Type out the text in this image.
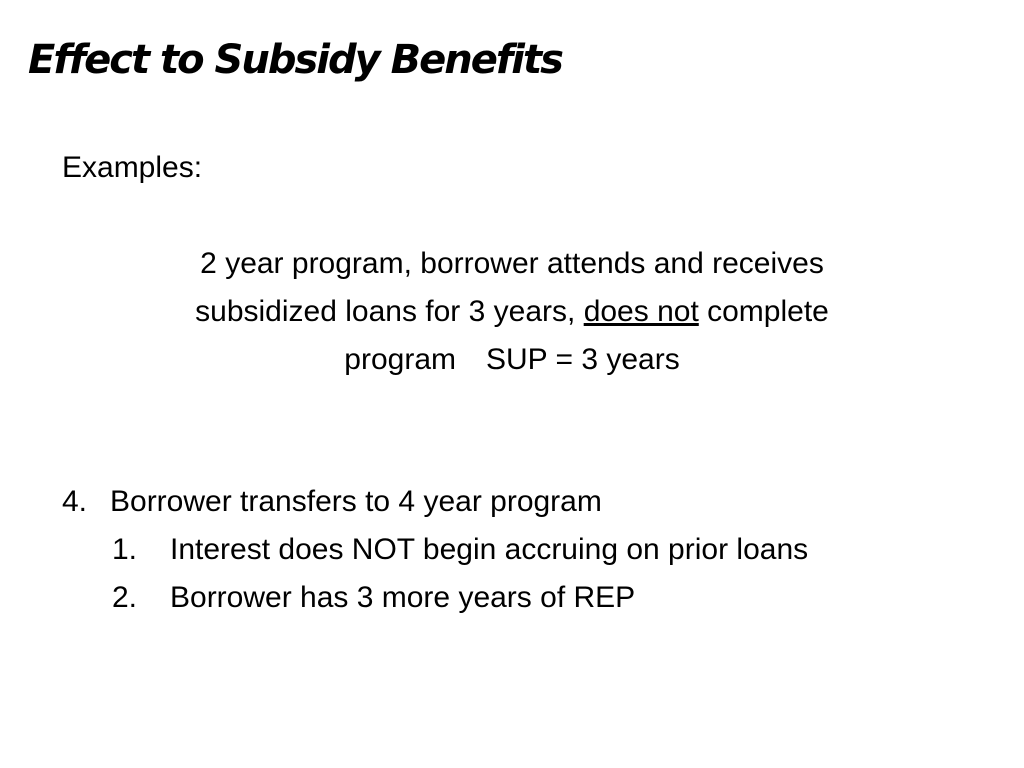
Effect to Subsidy Benefits
Examples:
2 year program, borrower attends and receives
subsidized loans for 3 years, does not complete
program SUP = 3 years
4. Borrower transfers to 4 year program
1. Interest does NOT begin accruing on prior loans
2. Borrower has 3 more years of REP
